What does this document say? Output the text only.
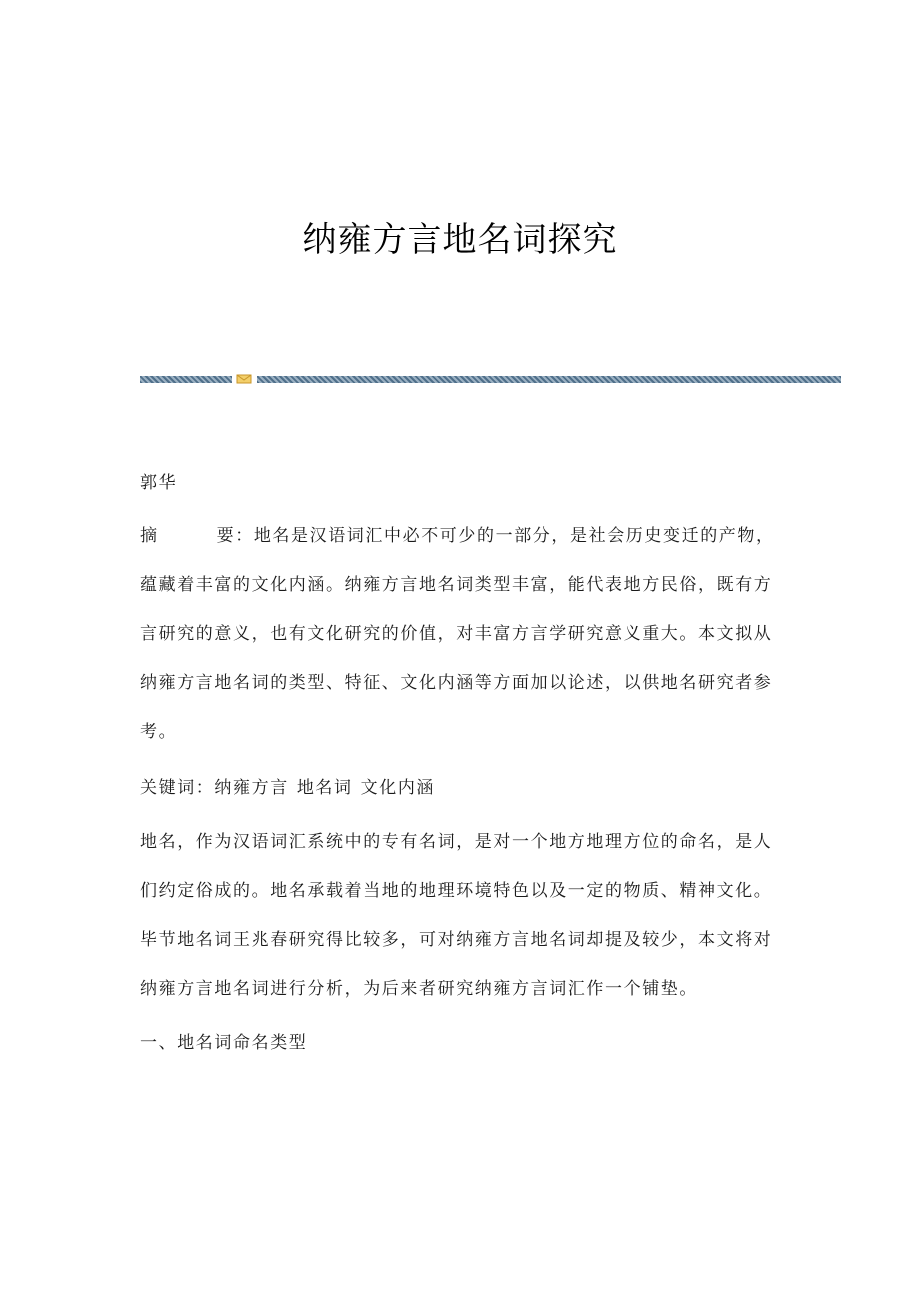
纳雍方言地名词探究
郭华
摘	要：地名是汉语词汇中必不可少的一部分，是社会历史变迁的产物，蕴藏着丰富的文化内涵。纳雍方言地名词类型丰富，能代表地方民俗，既有方言研究的意义，也有文化研究的价值，对丰富方言学研究意义重大。本文拟从纳雍方言地名词的类型、特征、文化内涵等方面加以论述，以供地名研究者参考。
关键词：纳雍方言 地名词 文化内涵
地名，作为汉语词汇系统中的专有名词，是对一个地方地理方位的命名，是人们约定俗成的。地名承载着当地的地理环境特色以及一定的物质、精神文化。毕节地名词王兆春研究得比较多，可对纳雍方言地名词却提及较少，本文将对纳雍方言地名词进行分析，为后来者研究纳雍方言词汇作一个铺垫。
一、地名词命名类型
